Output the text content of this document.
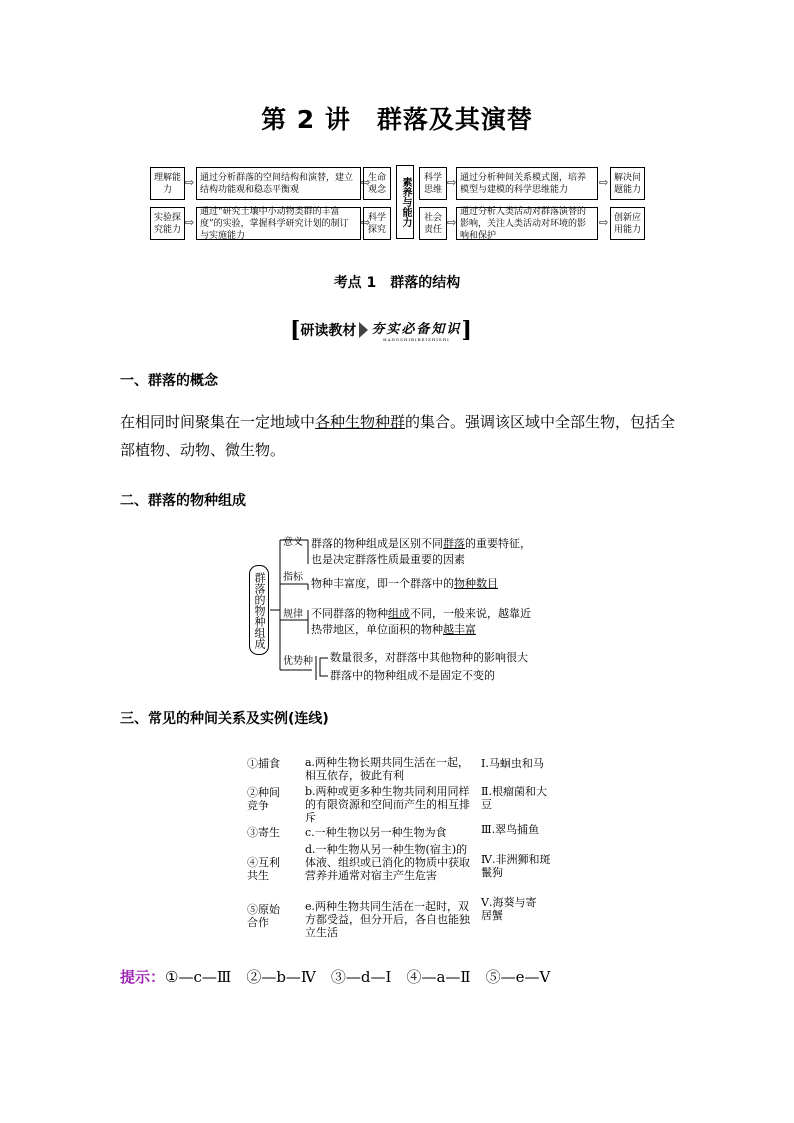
第 2 讲　群落及其演替
理解能力
⇨ 通过分析群落的空间结构和演替，建立结构功能观和稳态平衡观
⇨
生命观念	素养与能力	科学思维
⇨ 通过分析种间关系模式图，培养模型与建模的科学思维能力
⇨ 解决问题能力
实验探究能力
⇨
通过“研究土壤中小动物类群的丰富度”的实验，掌握科学研究计划的制订与实施能力
⇨
科学探究
社会责任
⇨
通过分析人类活动对群落演替的影响，关注人类活动对环境的影响和保护
⇨ 创新应用能力
考点 1　群落的结构
[ 研读教材 夯实必备知识
HANGSHIBIBEIZHISHI ]
一、群落的概念
在相同时间聚集在一定地域中各种生物种群的集合。强调该区域中全部生物，包括全部植物、动物、微生物。
二、群落的物种组成
群落的物种组成
意义 群落的物种组成是区别不同群落的重要特征，
也是决定群落性质最重要的因素
指标 物种丰富度，即一个群落中的物种数目
规律 不同群落的物种组成不同，一般来说，越靠近
热带地区，单位面积的物种越丰富
优势种 数量很多，对群落中其他物种的影响很大
群落中的物种组成不是固定不变的
三、常见的种间关系及实例(连线)
①捕食
②种间竞争
③寄生
④互利共生
⑤原始合作
a.两种生物长期共同生活在一起，相互依存，彼此有利
b.两种或更多种生物共同利用同样的有限资源和空间而产生的相互排斥
c.一种生物以另一种生物为食
d.一种生物从另一种生物(宿主)的体液、组织或已消化的物质中获取营养并通常对宿主产生危害
e.两种生物共同生活在一起时，双方都受益，但分开后，各自也能独立生活
Ⅰ.马蛔虫和马
Ⅱ.根瘤菌和大豆
Ⅲ.翠鸟捕鱼
Ⅳ.非洲狮和斑鬣狗
Ⅴ.海葵与寄居蟹
提示：①—c—Ⅲ　②—b—Ⅳ　③—d—Ⅰ　④—a—Ⅱ　⑤—e—Ⅴ
